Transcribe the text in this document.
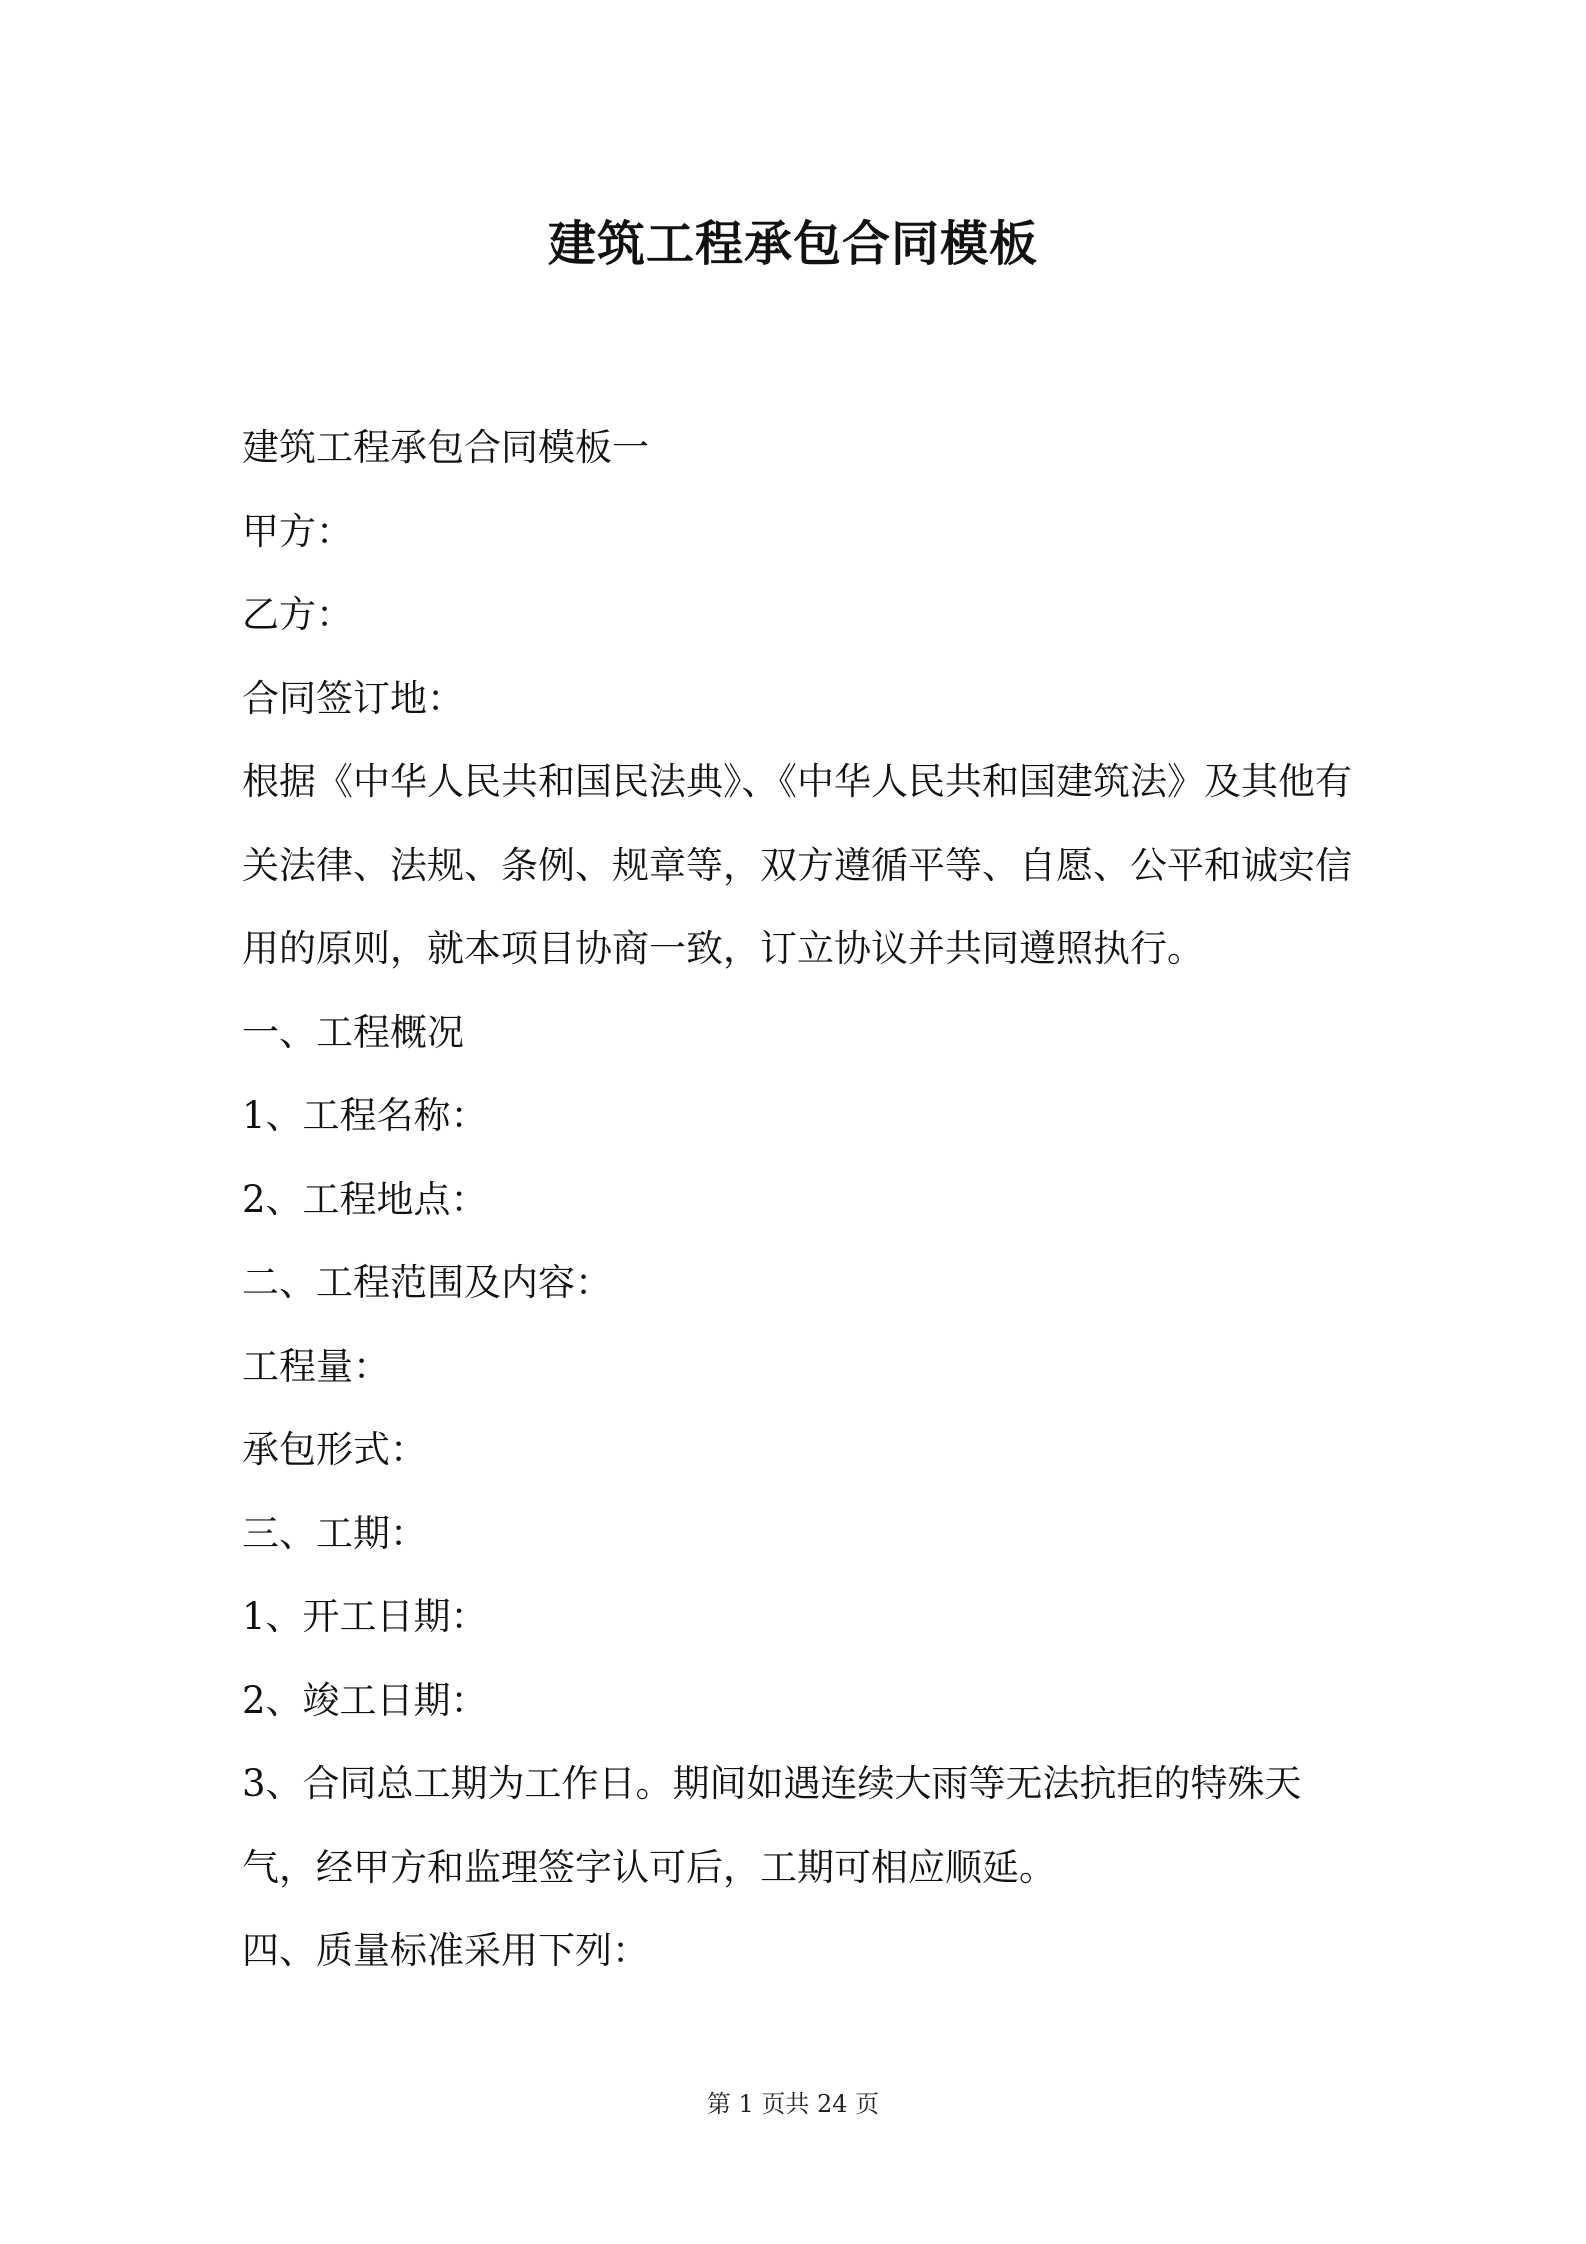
建筑工程承包合同模板

建筑工程承包合同模板一

甲方：

乙方：

合同签订地：

根据《中华人民共和国民法典》、《中华人民共和国建筑法》及其他有关法律、法规、条例、规章等，双方遵循平等、自愿、公平和诚实信用的原则，就本项目协商一致，订立协议并共同遵照执行。

一、工程概况

1、工程名称：

2、工程地点：

二、工程范围及内容：

工程量：

承包形式：

三、工期：

1、开工日期：

2、竣工日期：

3、合同总工期为工作日。期间如遇连续大雨等无法抗拒的特殊天气，经甲方和监理签字认可后，工期可相应顺延。

四、质量标准采用下列：

第 1 页共 24 页
